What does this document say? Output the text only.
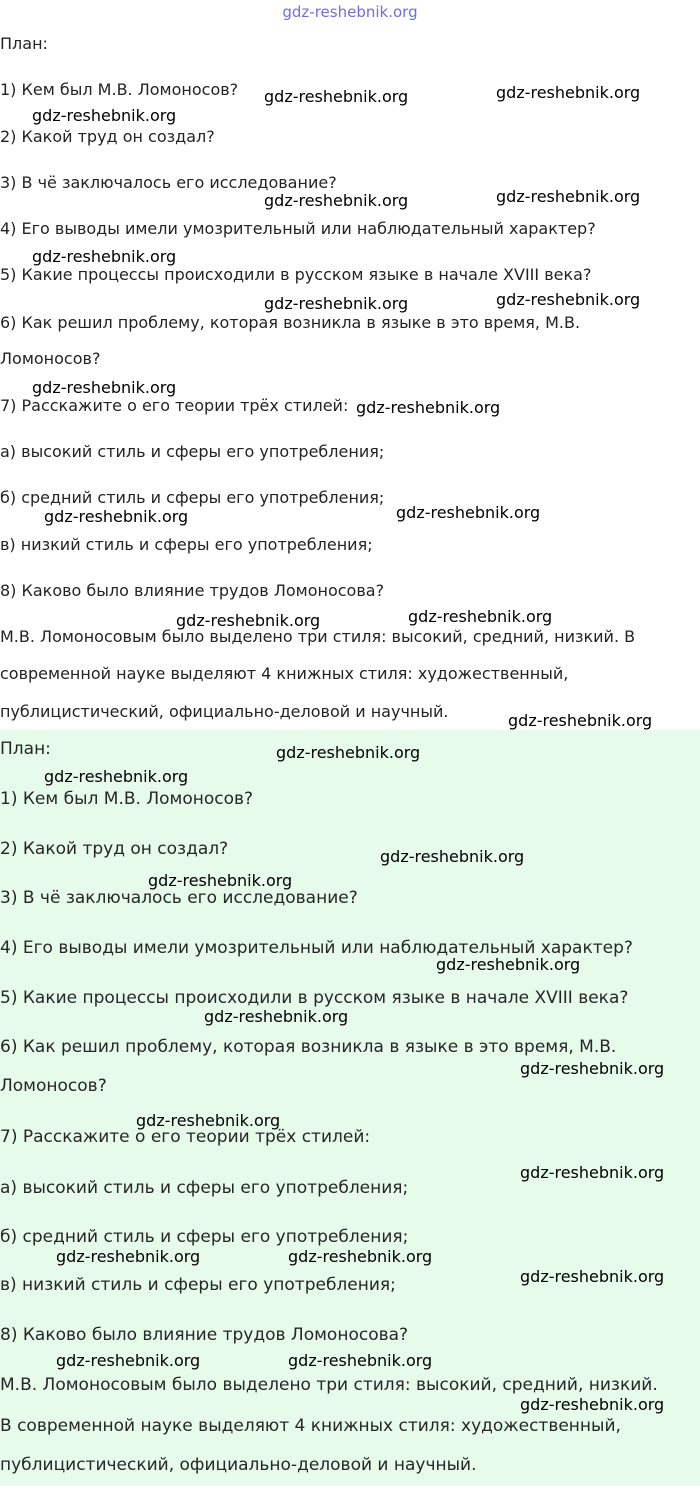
План:
1) Кем был М.В. Ломоносов?
2) Какой труд он создал?
3) В чё заключалось его исследование?
4) Его выводы имели умозрительный или наблюдательный характер?
5) Какие процессы происходили в русском языке в начале XVIII века?
6) Как решил проблему, которая возникла в языке в это время, М.В.
Ломоносов?
7) Расскажите о его теории трёх стилей:
а) высокий стиль и сферы его употребления;
б) средний стиль и сферы его употребления;
в) низкий стиль и сферы его употребления;
8) Каково было влияние трудов Ломоносова?
М.В. Ломоносовым было выделено три стиля: высокий, средний, низкий. В
современной науке выделяют 4 книжных стиля: художественный,
публицистический, официально-деловой и научный.
План:
1) Кем был М.В. Ломоносов?
2) Какой труд он создал?
3) В чё заключалось его исследование?
4) Его выводы имели умозрительный или наблюдательный характер?
5) Какие процессы происходили в русском языке в начале XVIII века?
6) Как решил проблему, которая возникла в языке в это время, М.В.
Ломоносов?
7) Расскажите о его теории трёх стилей:
а) высокий стиль и сферы его употребления;
б) средний стиль и сферы его употребления;
в) низкий стиль и сферы его употребления;
8) Каково было влияние трудов Ломоносова?
М.В. Ломоносовым было выделено три стиля: высокий, средний, низкий.
В современной науке выделяют 4 книжных стиля: художественный,
публицистический, официально-деловой и научный.
gdz-reshebnik.org
gdz-reshebnik.org	gdz-reshebnik.org
gdz-reshebnik.org
gdz-reshebnik.org	gdz-reshebnik.org
gdz-reshebnik.org
gdz-reshebnik.org	gdz-reshebnik.org
gdz-reshebnik.org
gdz-reshebnik.org
gdz-reshebnik.org	gdz-reshebnik.org
gdz-reshebnik.org	gdz-reshebnik.org
gdz-reshebnik.org
gdz-reshebnik.org
gdz-reshebnik.org
gdz-reshebnik.org
gdz-reshebnik.org
gdz-reshebnik.org
gdz-reshebnik.org
gdz-reshebnik.org
gdz-reshebnik.org
gdz-reshebnik.org
gdz-reshebnik.org	gdz-reshebnik.org
gdz-reshebnik.org
gdz-reshebnik.org	gdz-reshebnik.org
gdz-reshebnik.org
